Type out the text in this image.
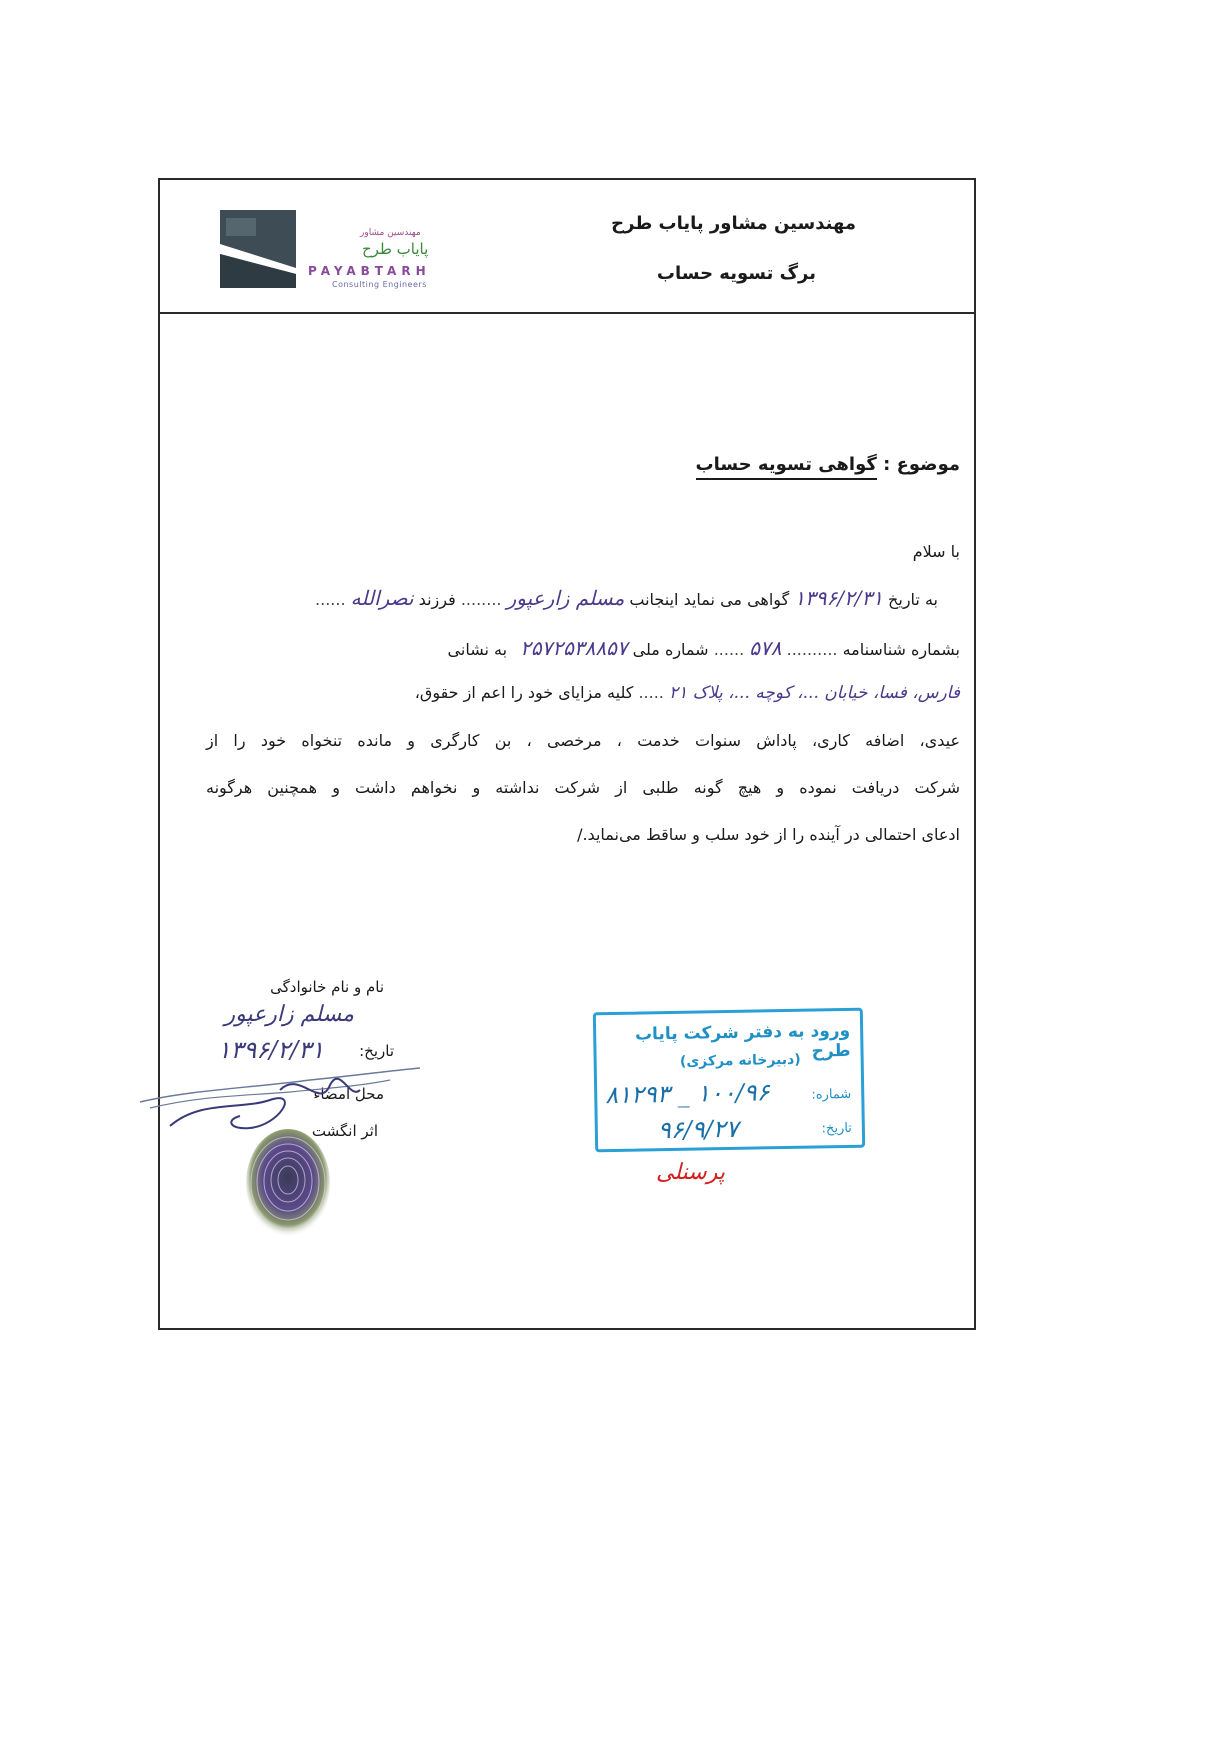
مهندسین مشاور
پایاب طرح
PAYABTARH
Consulting Engineers
مهندسین مشاور پایاب طرح
برگ تسویه حساب
موضوع : گواهی تسویه حساب
با سلام
به تاریخ ۱۳۹۶/۲/۳۱ گواهی می نماید اینجانب مسلم زارعپور ........ فرزند نصرالله ......
بشماره شناسنامه .......... ۵۷۸ ...... شماره ملی ۲۵۷۲۵۳۸۸۵۷ به نشانی
فارس، فسا، خیابان ...، کوچه ...، پلاک ۲۱ ..... کلیه مزایای خود را اعم از حقوق،
عیدی، اضافه کاری، پاداش سنوات خدمت ، مرخصی ، بن کارگری و مانده تنخواه خود را از
شرکت دریافت نموده و هیچ گونه طلبی از شرکت نداشته و نخواهم داشت و همچنین هرگونه
ادعای احتمالی در آینده را از خود سلب و ساقط می‌نماید./
نام و نام خانوادگی
مسلم زارعپور
تاریخ:
۱۳۹۶/۲/۳۱
محل امضاء
اثر انگشت
ورود به دفتر شرکت پایاب طرح
(دبیرخانه مرکزی)
شماره:
۸۱۲۹۳ _ ۱۰۰/۹۶
تاریخ:
۹۶/۹/۲۷
پرسنلی
